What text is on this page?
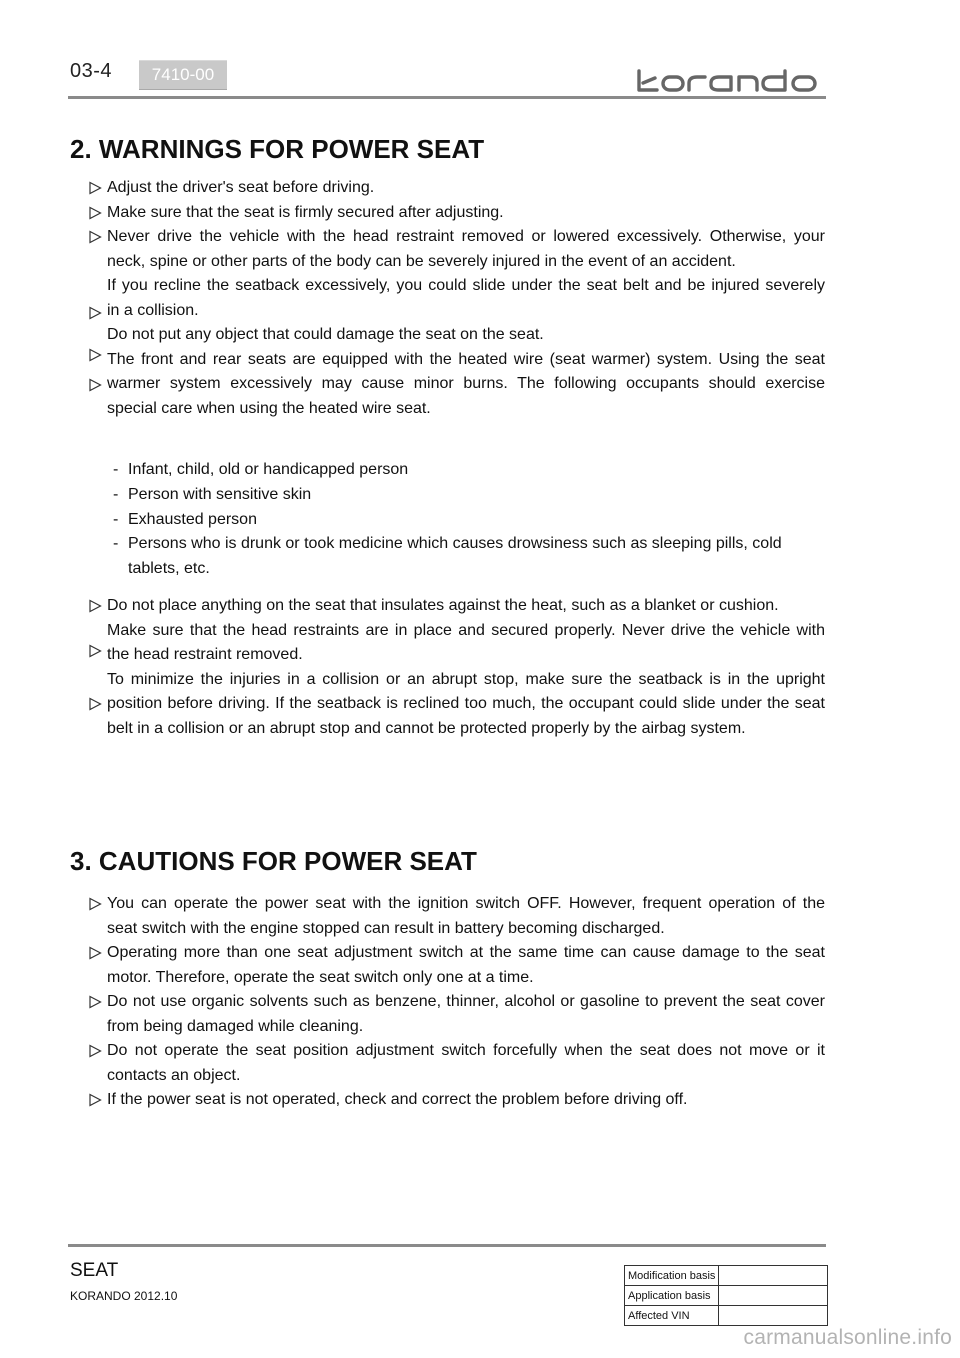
03-4	7410-00
2. WARNINGS FOR POWER SEAT
Adjust the driver's seat before driving.
Make sure that the seat is firmly secured after adjusting.
Never drive the vehicle with the head restraint removed or lowered excessively. Otherwise, your
neck, spine or other parts of the body can be severely injured in the event of an accident.
If you recline the seatback excessively, you could slide under the seat belt and be injured severely
in a collision.
Do not put any object that could damage the seat on the seat.
The front and rear seats are equipped with the heated wire (seat warmer) system. Using the seat
warmer system excessively may cause minor burns. The following occupants should exercise
special care when using the heated wire seat.
- Infant, child, old or handicapped person
- Person with sensitive skin
- Exhausted person
- Persons who is drunk or took medicine which causes drowsiness such as sleeping pills, cold
tablets, etc.
Do not place anything on the seat that insulates against the heat, such as a blanket or cushion.
Make sure that the head restraints are in place and secured properly. Never drive the vehicle with
the head restraint removed.
To minimize the injuries in a collision or an abrupt stop, make sure the seatback is in the upright
position before driving. If the seatback is reclined too much, the occupant could slide under the seat
belt in a collision or an abrupt stop and cannot be protected properly by the airbag system.
3. CAUTIONS FOR POWER SEAT
You can operate the power seat with the ignition switch OFF. However, frequent operation of the
seat switch with the engine stopped can result in battery becoming discharged.
Operating more than one seat adjustment switch at the same time can cause damage to the seat
motor. Therefore, operate the seat switch only one at a time.
Do not use organic solvents such as benzene, thinner, alcohol or gasoline to prevent the seat cover
from being damaged while cleaning.
Do not operate the seat position adjustment switch forcefully when the seat does not move or it
contacts an object.
If the power seat is not operated, check and correct the problem before driving off.
SEAT
KORANDO 2012.10
Modification basis	
Application basis	
Affected VIN	
carmanualsonline.info
